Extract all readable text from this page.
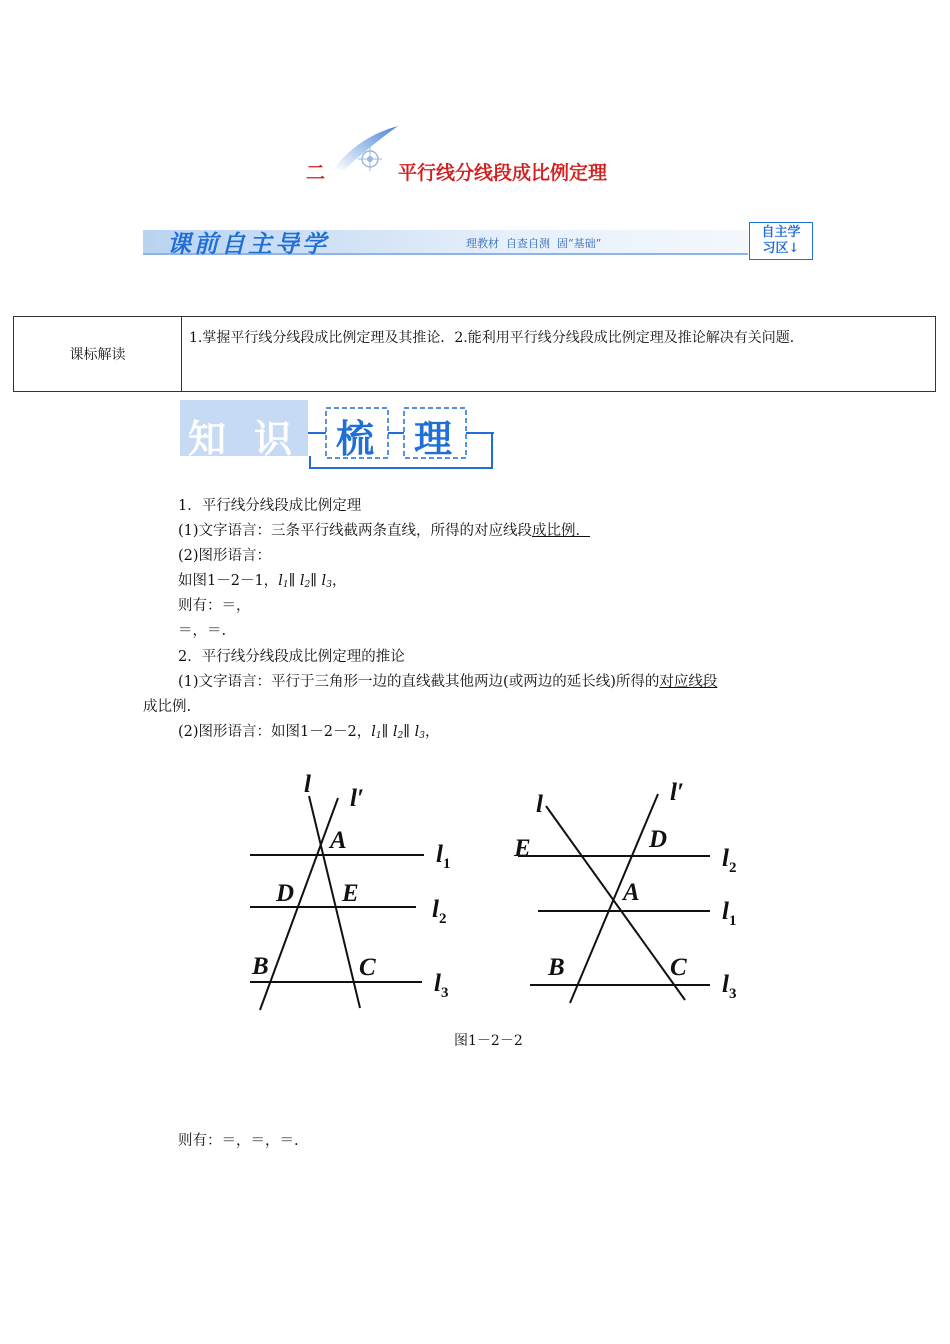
二	平行线分线段成比例定理
课前自主导学	理教材  自查自测  固“基础”
自主学
习区↓
课标解读
1.掌握平行线分线段成比例定理及其推论．2.能利用平行线分线段成比例定理及推论解决有关问题．
知 识 梳 理
1．平行线分线段成比例定理
(1)文字语言：三条平行线截两条直线，所得的对应线段成比例．
(2)图形语言：
如图1－2－1，$l_1\parallel$ $l_2\parallel$ $l_3$，
则有：＝，
＝，＝.
2．平行线分线段成比例定理的推论
(1)文字语言：平行于三角形一边的直线截其他两边(或两边的延长线)所得的对应线段
成比例.
(2)图形语言：如图1－2－2，$l_1\parallel$ $l_2\parallel$ $l_3$，
l
l′
A
D E
B	C
$l_1$
$l_2$
$l_3$
l	l′
E	D
A
B	C
$l_2$
$l_1$
$l_3$
图1－2－2
则有：＝，＝，＝.
